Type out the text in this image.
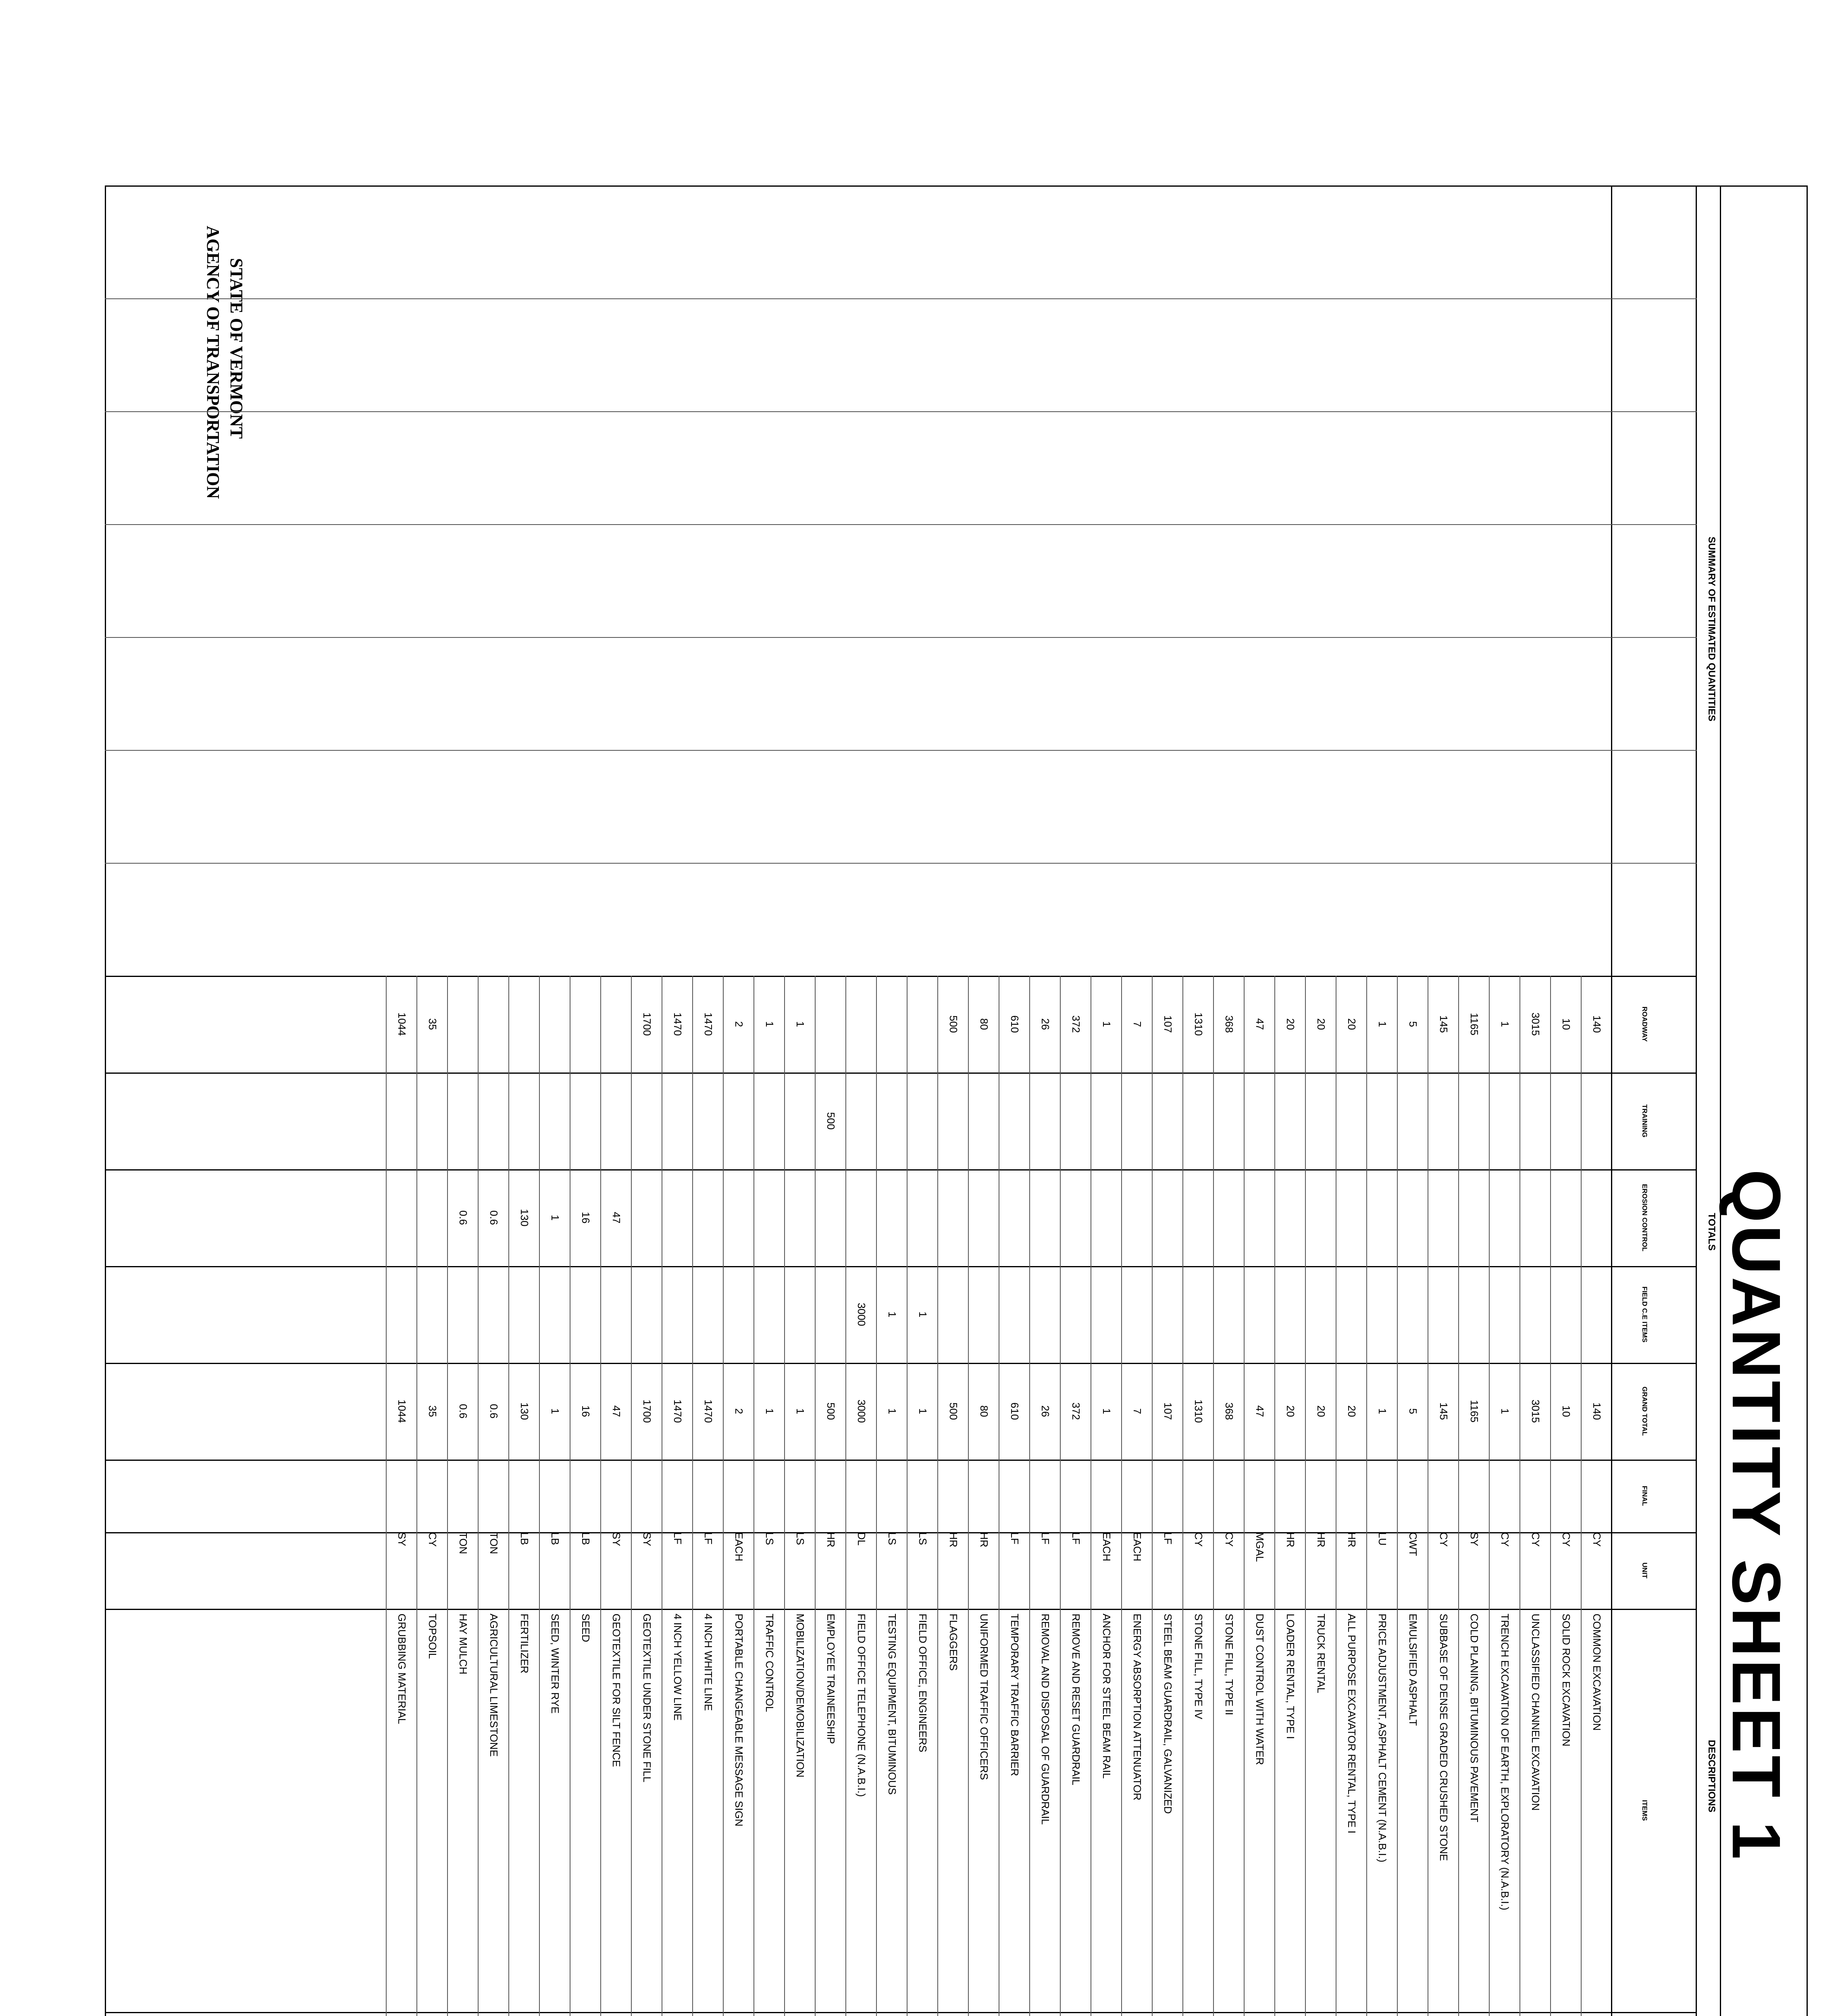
STATE OF VERMONT
AGENCY OF TRANSPORTATION
QUANTITY SHEET 1
SUMMARY OF ESTIMATED QUANTITIES
TOTALS
DESCRIPTIONS
ROADWAY
TRAINING
EROSION CONTROL
FIELD C.E ITEMS
GRAND TOTAL
FINAL
UNIT
ITEMS
140
140
CY
COMMON EXCAVATION
10
10
CY
SOLID ROCK EXCAVATION
3015
3015
CY
UNCLASSIFIED CHANNEL EXCAVATION
1
1
CY
TRENCH EXCAVATION OF EARTH, EXPLORATORY (N.A.B.I.)
1165
1165
SY
COLD PLANING, BITUMINOUS PAVEMENT
145
145
CY
SUBBASE OF DENSE GRADED CRUSHED STONE
5
5
CWT
EMULSIFIED ASPHALT
1
1
LU
PRICE ADJUSTMENT, ASPHALT CEMENT (N.A.B.I.)
20
20
HR
ALL PURPOSE EXCAVATOR RENTAL, TYPE I
20
20
HR
TRUCK RENTAL
20
20
HR
LOADER RENTAL, TYPE I
47
47
MGAL
DUST CONTROL WITH WATER
368
368
CY
STONE FILL, TYPE II
1310
1310
CY
STONE FILL, TYPE IV
107
107
LF
STEEL BEAM GUARDRAIL, GALVANIZED
7
7
EACH
ENERGY ABSORPTION ATTENUATOR
1
1
EACH
ANCHOR FOR STEEL BEAM RAIL
372
372
LF
REMOVE AND RESET GUARDRAIL
26
26
LF
REMOVAL AND DISPOSAL OF GUARDRAIL
610
610
LF
TEMPORARY TRAFFIC BARRIER
80
80
HR
UNIFORMED TRAFFIC OFFICERS
500
500
HR
FLAGGERS
1
1
LS
FIELD OFFICE, ENGINEERS
1
1
LS
TESTING EQUIPMENT, BITUMINOUS
3000
3000
DL
FIELD OFFICE TELEPHONE (N.A.B.I.)
500
500
HR
EMPLOYEE TRAINEESHIP
1
1
LS
MOBILIZATION/DEMOBILIZATION
1
1
LS
TRAFFIC CONTROL
2
2
EACH
PORTABLE CHANGEABLE MESSAGE SIGN
1470
1470
LF
4 INCH WHITE LINE
1470
1470
LF
4 INCH YELLOW LINE
1700
1700
SY
GEOTEXTILE UNDER STONE FILL
47
47
SY
GEOTEXTILE FOR SILT FENCE
16
16
LB
SEED
1
1
LB
SEED, WINTER RYE
130
130
LB
FERTILIZER
0.6
0.6
TON
AGRICULTURAL LIMESTONE
0.6
0.6
TON
HAY MULCH
35
35
CY
TOPSOIL
1044
1044
SY
GRUBBING MATERIAL
